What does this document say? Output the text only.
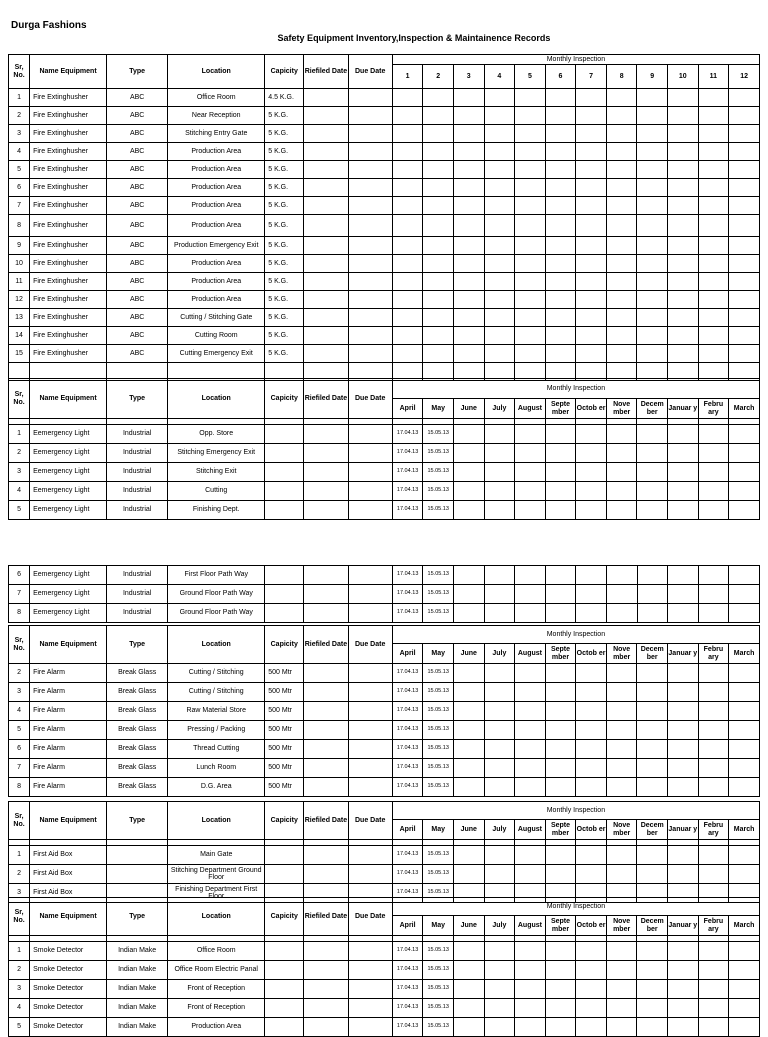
Durga Fashions
Safety Equipment Inventory,Inspection & Maintainence Records
Sr, No.	Name Equipment	Type	Location	Capicity	Riefiled Date	Due Date	Monthly Inspection											
							1	2	3	4	5	6	7	8	9	10	11	12
1	Fire Extinghusher	ABC	Office Room	4.5 K.G.														
2	Fire Extinghusher	ABC	Near Reception	5 K.G.														
3	Fire Extinghusher	ABC	Stitching Entry Gate	5 K.G.														
4	Fire Extinghusher	ABC	Production Area	5 K.G.														
5	Fire Extinghusher	ABC	Production Area	5 K.G.														
6	Fire Extinghusher	ABC	Production Area	5 K.G.														
7	Fire Extinghusher	ABC	Production Area	5 K.G.														
8	Fire Extinghusher	ABC	Production Area	5 K.G.														
9	Fire Extinghusher	ABC	Production Emergency Exit	5 K.G.														
10	Fire Extinghusher	ABC	Production Area	5 K.G.														
11	Fire Extinghusher	ABC	Production Area	5 K.G.														
12	Fire Extinghusher	ABC	Production Area	5 K.G.														
13	Fire Extinghusher	ABC	Cutting / Stitching Gate	5 K.G.														
14	Fire Extinghusher	ABC	Cutting Room	5 K.G.														
15	Fire Extinghusher	ABC	Cutting Emergency Exit	5 K.G.														

Sr, No.	Name Equipment	Type	Location	Capicity	Riefiled Date	Due Date	Monthly Inspection											
							April	May	June	July	August	Septe mber	Octob er	Nove mber	Decem ber	Januar y	Febru ary	March

1	Eemergency Light	Industrial	Opp. Store				17.04.13	15.05.13										
2	Eemergency Light	Industrial	Stitching Emergency Exit				17.04.13	15.05.13										
3	Eemergency Light	Industrial	Stitching Exit				17.04.13	15.05.13										
4	Eemergency Light	Industrial	Cutting				17.04.13	15.05.13										
5	Eemergency Light	Industrial	Finishing Dept.				17.04.13	15.05.13										
6	Eemergency Light	Industrial	First Floor Path Way				17.04.13	15.05.13										
7	Eemergency Light	Industrial	Ground Floor Path Way				17.04.13	15.05.13										
8	Eemergency Light	Industrial	Ground Floor Path Way				17.04.13	15.05.13										
Sr, No.	Name Equipment	Type	Location	Capicity	Riefiled Date	Due Date	Monthly Inspection											
							April	May	June	July	August	Septe mber	Octob er	Nove mber	Decem ber	Januar y	Febru ary	March
2	Fire Alarm	Break Glass	Cutting / Stitching	500 Mtr			17.04.13	15.05.13										
3	Fire Alarm	Break Glass	Cutting / Stitching	500 Mtr			17.04.13	15.05.13										
4	Fire Alarm	Break Glass	Raw Material Store	500 Mtr			17.04.13	15.05.13										
5	Fire Alarm	Break Glass	Pressing / Packing	500 Mtr			17.04.13	15.05.13										
6	Fire Alarm	Break Glass	Thread Cutting	500 Mtr			17.04.13	15.05.13										
7	Fire Alarm	Break Glass	Lunch Room	500 Mtr			17.04.13	15.05.13										
8	Fire Alarm	Break Glass	D.G. Area	500 Mtr			17.04.13	15.05.13										
Sr, No.	Name Equipment	Type	Location	Capicity	Riefiled Date	Due Date	Monthly Inspection											
							April	May	June	July	August	Septe mber	Octob er	Nove mber	Decem ber	Januar y	Febru ary	March

1	First Aid Box		Main Gate				17.04.13	15.05.13										
2	First Aid Box		Stitching Department Ground Floor				17.04.13	15.05.13										
3	First Aid Box		Finishing Department First Floor				17.04.13	15.05.13										
Sr, No.	Name Equipment	Type	Location	Capicity	Riefiled Date	Due Date	Monthly Inspection											
							April	May	June	July	August	Septe mber	Octob er	Nove mber	Decem ber	Januar y	Febru ary	March

1	Smoke Detector	Indian Make	Office Room				17.04.13	15.05.13										
2	Smoke Detector	Indian Make	Office Room Electric Panal				17.04.13	15.05.13										
3	Smoke Detector	Indian Make	Front of Reception				17.04.13	15.05.13										
4	Smoke Detector	Indian Make	Front of Reception				17.04.13	15.05.13										
5	Smoke Detector	Indian Make	Production Area				17.04.13	15.05.13										
